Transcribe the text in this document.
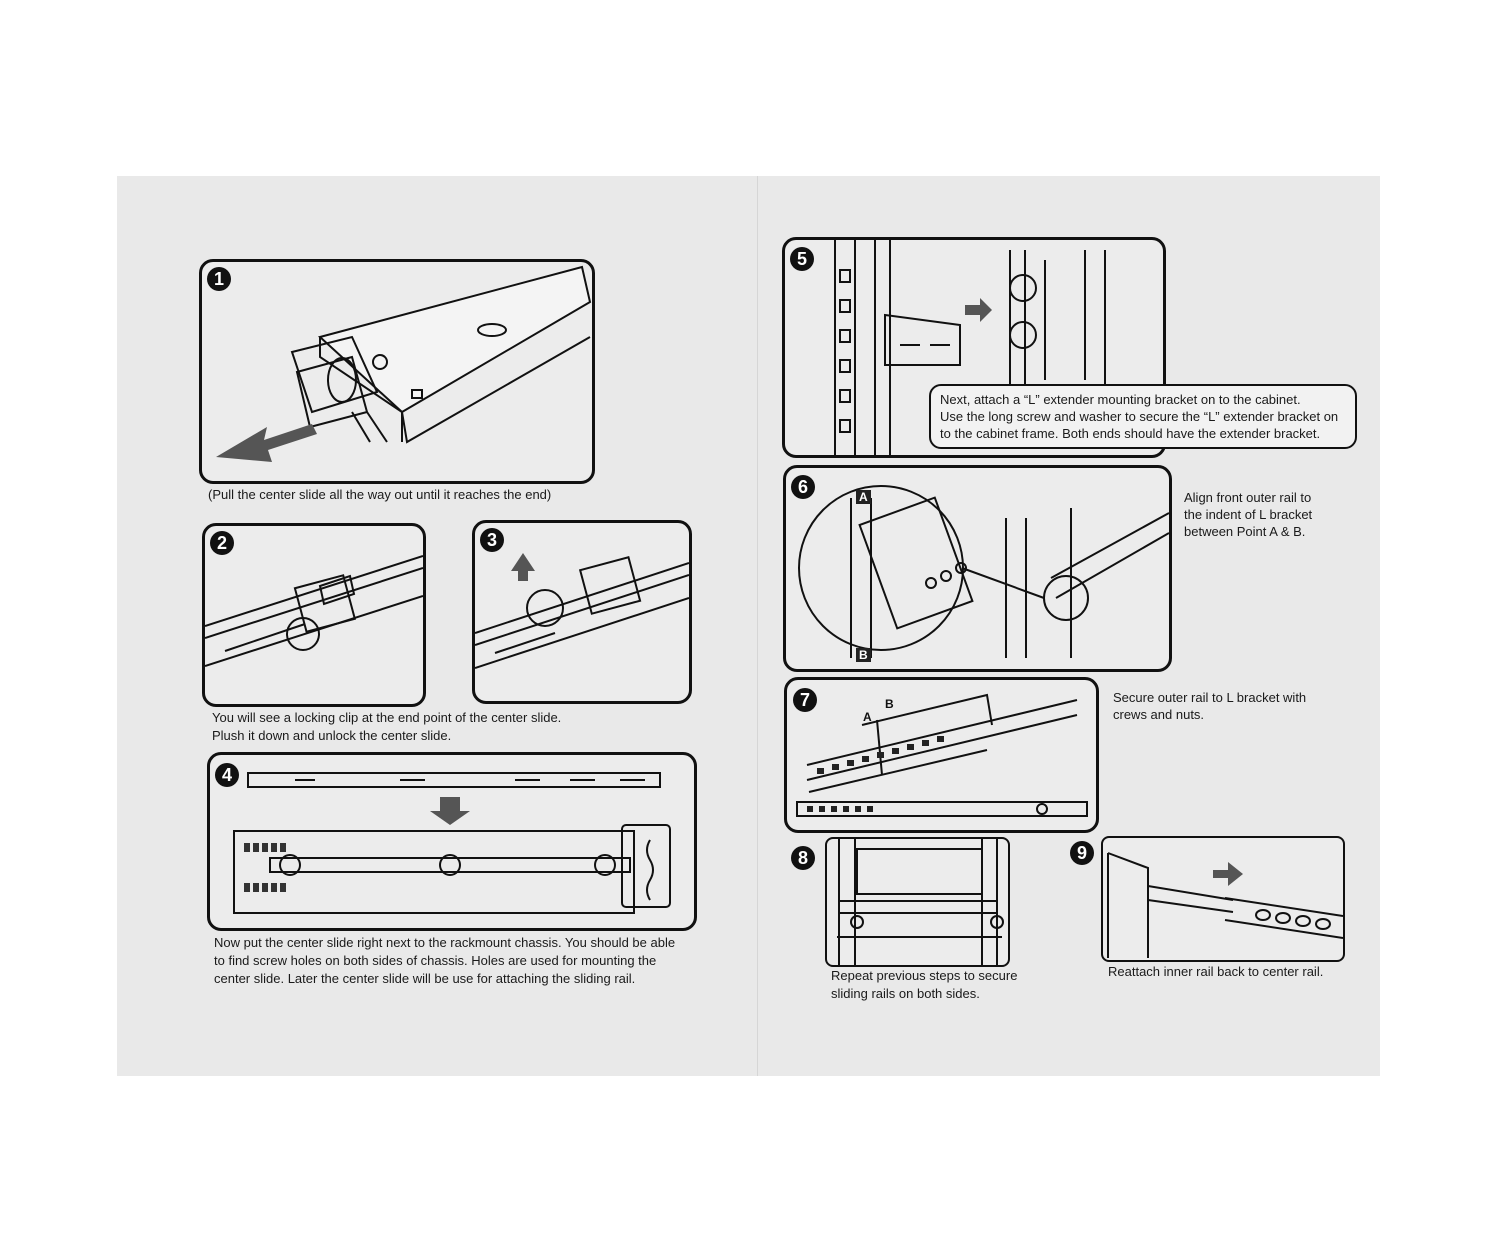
1
(Pull the center slide all the way out until it reaches the end)
2	3
You will see a locking clip at the end point of the center slide.
Plush it down and unlock the center slide.
4
Now put the center slide right next to the rackmount chassis. You should be able
to find screw holes on both sides of chassis. Holes are used for mounting the
center slide. Later the center slide will be use for attaching the sliding rail.
5
Next, attach a “L” extender mounting bracket on to the cabinet.
Use the long screw and washer to secure the “L” extender bracket on
to the cabinet frame. Both ends should have the extender bracket.
A
B
6
Align front outer rail to
the indent of L bracket
between Point A & B.
A
B
7	Secure outer rail to L bracket with
crews and nuts.
8
Repeat previous steps to secure
sliding rails on both sides.
9
Reattach inner rail back to center rail.
